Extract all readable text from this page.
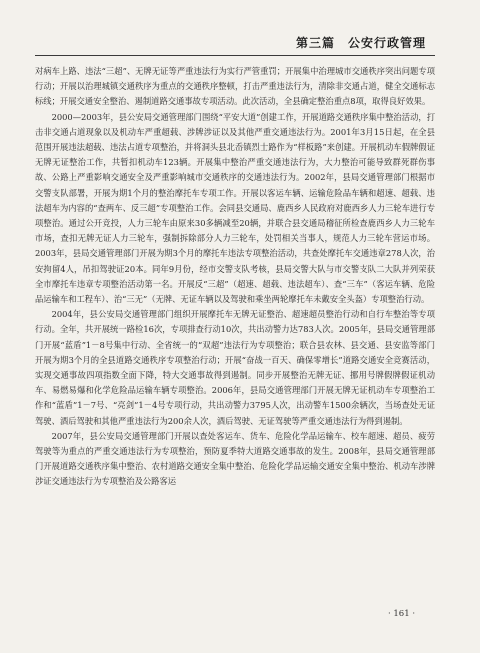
第三篇　公安行政管理

对病车上路、违法“三超”、无牌无证等严重违法行为实行严管重罚；开展集中治理城市交通秩序突出问题专项行动；开展以治理城镇交通秩序为重点的交通秩序整顿，打击严重违法行为，清除非交通占道，健全交通标志标线；开展交通安全整治、遏制道路交通事故专项活动。此次活动，全县确定整治重点8项，取得良好效果。

2000—2003年，县公安局交通管理部门围绕“平安大道”创建工作，开展道路交通秩序集中整治活动，打击非交通占道现象以及机动车严重超载、涉牌涉证以及其他严重交通违法行为。2001年3月15日起，在全县范围开展违法超载、违法占道专项整治，并将洞头县北岙镇烈士路作为“样板路”来创建。开展机动车假牌假证无牌无证整治工作，共暂扣机动车123辆。开展集中整治严重交通违法行为，大力整治可能导致群死群伤事故、公路上严重影响交通安全及严重影响城市交通秩序的交通违法行为。2002年，县局交通管理部门根据市交警支队部署，开展为期1个月的整治摩托车专项工作。开展以客运车辆、运输危险品车辆和超速、超载、违法超车为内容的“查两车、反三超”专项整治工作。会同县交通局、鹿西乡人民政府对鹿西乡人力三轮车进行专项整治。通过公开竞投，人力三轮车由原来30多辆减至20辆，并联合县交通局稽征所检查鹿西乡人力三轮车市场，查扣无牌无证人力三轮车，强制拆除部分人力三轮车，处罚相关当事人，规范人力三轮车营运市场。2003年，县局交通管理部门开展为期3个月的摩托车违法专项整治活动，共查处摩托车交通违章278人次，治安拘留4人，吊扣驾驶证20本。同年9月份，经市交警支队考核，县局交警大队与市交警支队二大队并列荣获全市摩托车违章专项整治活动第一名。开展反“三超”（超速、超载、违法超车）、查“三车”（客运车辆、危险品运输车和工程车）、治“三无”（无牌、无证车辆以及驾驶和乘坐两轮摩托车未戴安全头盔）专项整治行动。

2004年，县公安局交通管理部门组织开展摩托车无牌无证整治、超速超员整治行动和自行车整治等专项行动。全年，共开展统一路检16次，专项排查行动10次，共出动警力达783人次。2005年，县局交通管理部门开展“蓝盾”1－8号集中行动、全省统一的“双超”违法行为专项整治；联合县农林、县交通、县安监等部门开展为期3个月的全县道路交通秩序专项整治行动；开展“奋战一百天、确保零增长”道路交通安全竞赛活动，实现交通事故四项指数全面下降，特大交通事故得到遏制。同步开展整治无牌无证、挪用号牌假牌假证机动车、易燃易爆和化学危险品运输车辆专项整治。2006年，县局交通管理部门开展无牌无证机动车专项整治工作和“蓝盾”1－7号、“亮剑”1－4号专项行动，共出动警力3795人次，出动警车1500余辆次，当场查处无证驾驶、酒后驾驶和其他严重违法行为200余人次，酒后驾驶、无证驾驶等严重交通违法行为得到遏制。

2007年，县公安局交通管理部门开展以查处客运车、货车、危险化学品运输车、校车超速、超员、疲劳驾驶等为重点的严重交通违法行为专项整治，预防夏季特大道路交通事故的发生。2008年，县局交通管理部门开展道路交通秩序集中整治、农村道路交通安全集中整治、危险化学品运输交通安全集中整治、机动车涉牌涉证交通违法行为专项整治及公路客运

· 161 ·
